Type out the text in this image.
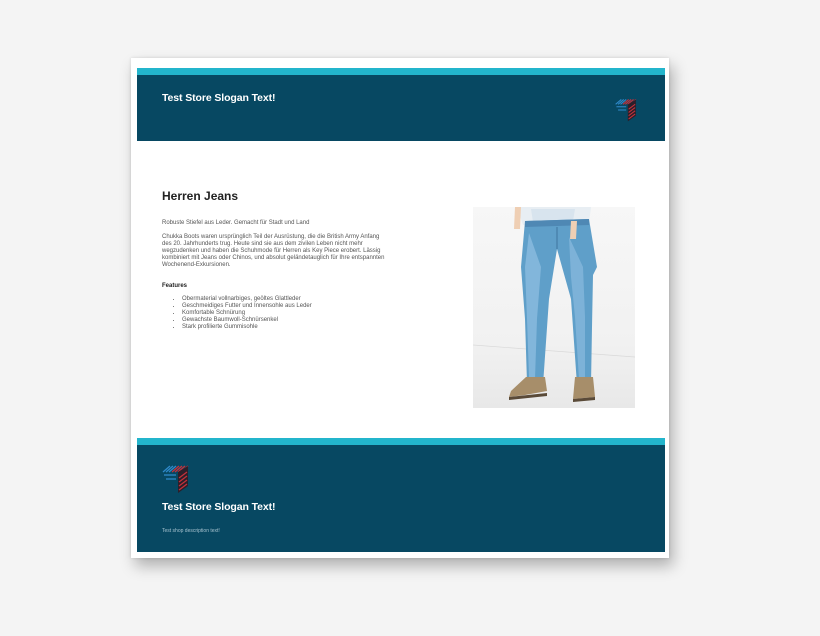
Test Store Slogan Text!
Herren Jeans
Robuste Stiefel aus Leder. Gemacht für Stadt und Land
Chukka Boots waren ursprünglich Teil der Ausrüstung, die die British Army Anfang des 20. Jahrhunderts trug. Heute sind sie aus dem zivilen Leben nicht mehr wegzudenken und haben die Schuhmode für Herren als Key Piece erobert. Lässig kombiniert mit Jeans oder Chinos, und absolut geländetauglich für Ihre entspannten Wochenend-Exkursionen.
Features
• Obermaterial vollnarbiges, geöltes Glattleder
• Geschmeidiges Futter und Innensohle aus Leder
• Komfortable Schnürung
• Gewachste Baumwoll-Schnürsenkel
• Stark profilierte Gummisohle
Test Store Slogan Text!
Test shop description text!
